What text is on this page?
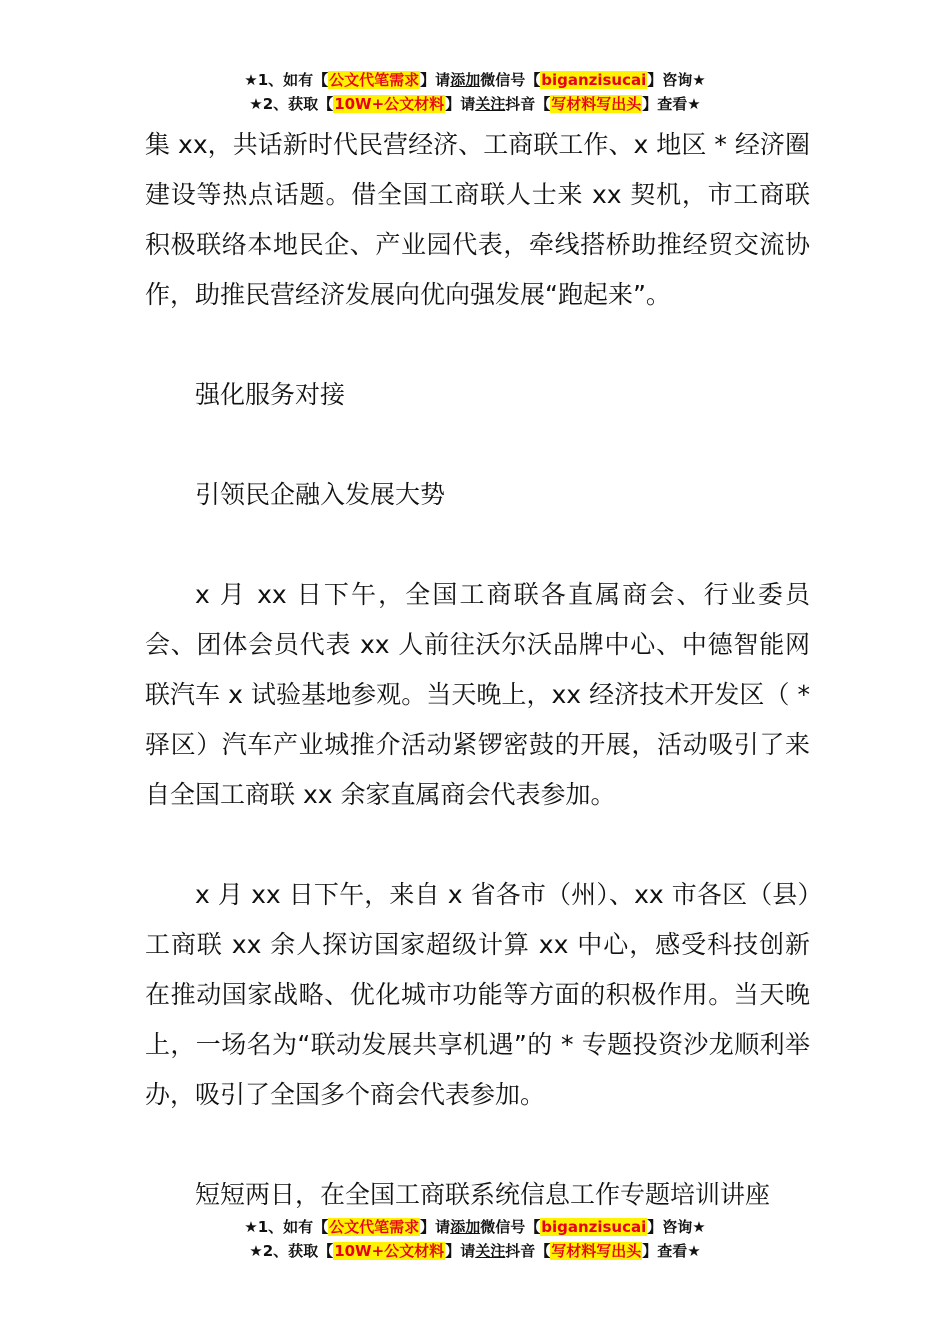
★1、如有【公文代笔需求】请添加微信号【biganzisucai】咨询★
★2、获取【10W+公文材料】请关注抖音【写材料写出头】查看★

集 xx，共话新时代民营经济、工商联工作、x 地区 * 经济圈建设等热点话题。借全国工商联人士来 xx 契机，市工商联积极联络本地民企、产业园代表，牵线搭桥助推经贸交流协作，助推民营经济发展向优向强发展“跑起来”。

强化服务对接

引领民企融入发展大势

x 月 xx 日下午，全国工商联各直属商会、行业委员会、团体会员代表 xx 人前往沃尔沃品牌中心、中德智能网联汽车 x 试验基地参观。当天晚上，xx 经济技术开发区（ * 驿区）汽车产业城推介活动紧锣密鼓的开展，活动吸引了来自全国工商联 xx 余家直属商会代表参加。

x 月 xx 日下午，来自 x 省各市（州）、xx 市各区（县）工商联 xx 余人探访国家超级计算 xx 中心，感受科技创新在推动国家战略、优化城市功能等方面的积极作用。当天晚上，一场名为“联动发展共享机遇”的 * 专题投资沙龙顺利举办，吸引了全国多个商会代表参加。

短短两日，在全国工商联系统信息工作专题培训讲座

★1、如有【公文代笔需求】请添加微信号【biganzisucai】咨询★
★2、获取【10W+公文材料】请关注抖音【写材料写出头】查看★
